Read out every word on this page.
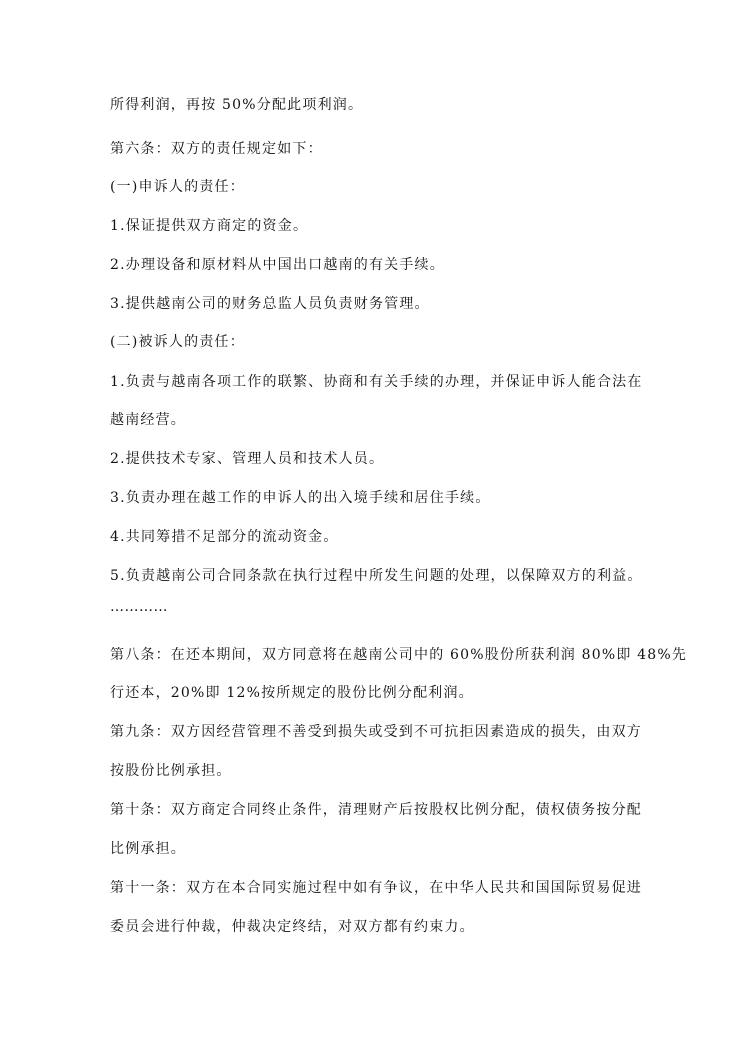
所得利润，再按 50%分配此项利润。
第六条：双方的责任规定如下：
(一)申诉人的责任：
1.保证提供双方商定的资金。
2.办理设备和原材料从中国出口越南的有关手续。
3.提供越南公司的财务总监人员负责财务管理。
(二)被诉人的责任：
1.负责与越南各项工作的联繁、协商和有关手续的办理，并保证申诉人能合法在
越南经营。
2.提供技术专家、管理人员和技术人员。
3.负责办理在越工作的申诉人的出入境手续和居住手续。
4.共同筹措不足部分的流动资金。
5.负责越南公司合同条款在执行过程中所发生问题的处理，以保障双方的利益。
…………
第八条：在还本期间，双方同意将在越南公司中的 60%股份所获利润 80%即 48%先
行还本，20%即 12%按所规定的股份比例分配利润。
第九条：双方因经营管理不善受到损失或受到不可抗拒因素造成的损失，由双方
按股份比例承担。
第十条：双方商定合同终止条件，清理财产后按股权比例分配，债权债务按分配
比例承担。
第十一条：双方在本合同实施过程中如有争议，在中华人民共和国国际贸易促进
委员会进行仲裁，仲裁决定终结，对双方都有约束力。
